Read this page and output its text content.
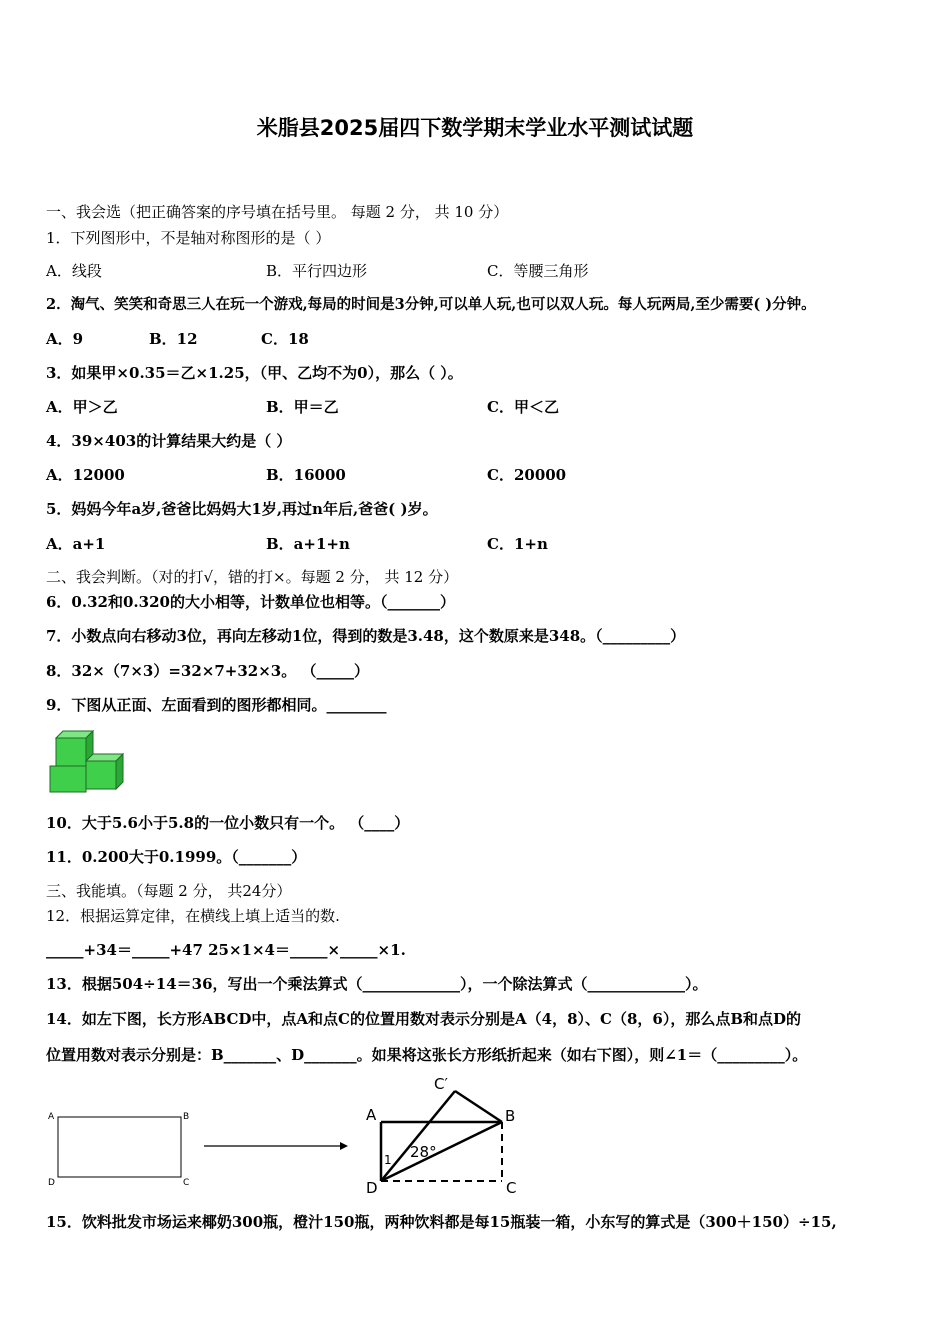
米脂县2025届四下数学期末学业水平测试试题
一、我会选（把正确答案的序号填在括号里。 每题 2 分， 共 10 分）
1．下列图形中，不是轴对称图形的是（ ）
A．线段	B．平行四边形	C．等腰三角形
2．淘气、笑笑和奇思三人在玩一个游戏,每局的时间是3分钟,可以单人玩,也可以双人玩。每人玩两局,至少需要( )分钟。
A．9	B．12	C．18
3．如果甲×0.35＝乙×1.25，（甲、乙均不为0），那么（ ）。
A．甲＞乙	B．甲＝乙	C．甲＜乙
4．39×403的计算结果大约是（ ）
A．12000	B．16000	C．20000
5．妈妈今年a岁,爸爸比妈妈大1岁,再过n年后,爸爸( )岁。
A．a+1	B．a+1+n	C．1+n
二、我会判断。（对的打√，错的打×。每题 2 分， 共 12 分）
6．0.32和0.320的大小相等，计数单位也相等。（_______）
7．小数点向右移动3位，再向左移动1位，得到的数是3.48，这个数原来是348。（_________）
8．32×（7×3）=32×7+32×3。 （_____）
9．下图从正面、左面看到的图形都相同。________
10．大于5.6小于5.8的一位小数只有一个。 （____）
11．0.200大于0.1999。（_______）
三、我能填。（每题 2 分， 共24分）
12．根据运算定律，在横线上填上适当的数.
_____+34＝_____+47 25×1×4＝_____×_____×1.
13．根据504÷14＝36，写出一个乘法算式（_____________），一个除法算式（_____________）。
14．如左下图，长方形ABCD中，点A和点C的位置用数对表示分别是A（4，8）、C（8，6），那么点B和点D的
位置用数对表示分别是：B_______、D_______。如果将这张长方形纸折起来（如右下图），则∠1＝（_________）。
A	B
D	C
A	B
D	C
C′
1 28°
15．饮料批发市场运来椰奶300瓶，橙汁150瓶，两种饮料都是每15瓶装一箱，小东写的算式是（300＋150）÷15,
